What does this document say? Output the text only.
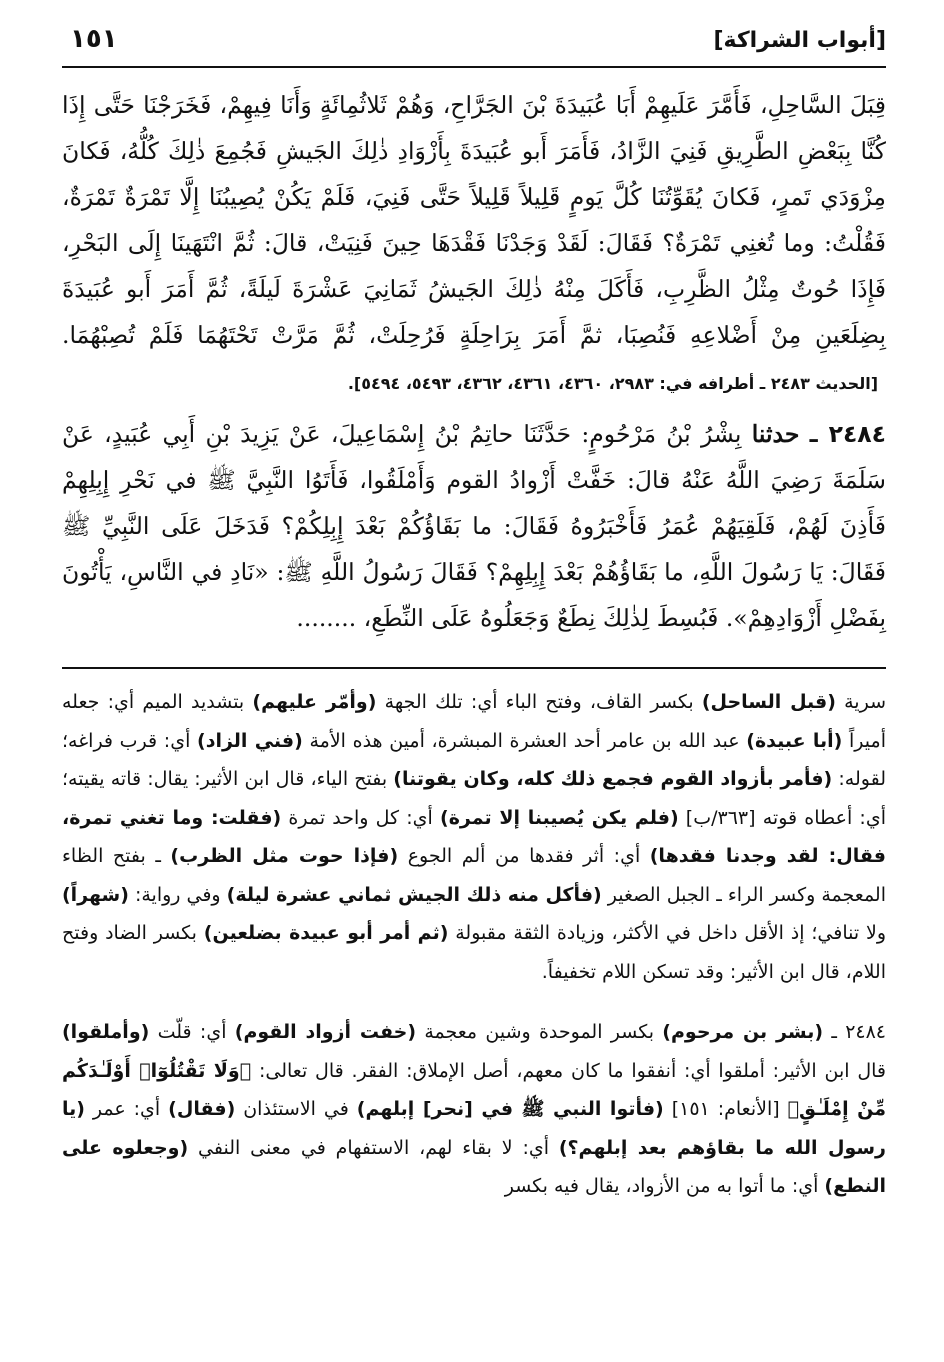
[أبواب الشراكة]
١٥١

قِبَلَ السَّاحِلِ، فَأَمَّرَ عَلَيهِمْ أَبَا عُبَيدَةَ بْنَ الجَرَّاحِ، وَهُمْ ثَلاثُمِائَةٍ وَأَنَا فِيهِمْ، فَخَرَجْنَا حَتَّى إِذَا كُنَّا بِبَعْضِ الطَّرِيقِ فَنِيَ الزَّادُ، فَأَمَرَ أَبو عُبَيدَةَ بِأَزْوَادِ ذٰلِكَ الجَيشِ فَجُمِعَ ذٰلِكَ كُلُّهُ، فَكانَ مِزْوَدَي تَمرٍ، فَكانَ يُقَوِّتُنَا كُلَّ يَومٍ قَلِيلاً قَلِيلاً حَتَّى فَنِيَ، فَلَمْ يَكُنْ يُصِيبُنَا إِلَّا تَمْرَةٌ تَمْرَةٌ، فَقُلْتُ: وما تُغنِي تَمْرَةٌ؟ فَقَالَ: لَقَدْ وَجَدْنَا فَقْدَهَا حِينَ فَنِيَتْ، قالَ: ثُمَّ انْتَهَينَا إِلَى البَحْرِ، فَإِذَا حُوتٌ مِثْلُ الظَّرِبِ، فَأَكَلَ مِنْهُ ذٰلِكَ الجَيشُ ثَمَانِيَ عَشْرَةَ لَيلَةً، ثُمَّ أَمَرَ أَبو عُبَيدَةَ بِضِلَعَينِ مِنْ أَضْلاعِهِ فَنُصِبَا، ثمَّ أَمَرَ بِرَاحِلَةٍ فَرُحِلَتْ، ثُمَّ مَرَّتْ تَحْتَهُمَا فَلَمْ تُصِبْهُمَا. [الحديث ٢٤٨٣ ـ أطرافه في: ٢٩٨٣، ٤٣٦٠، ٤٣٦١، ٤٣٦٢، ٥٤٩٣، ٥٤٩٤].

٢٤٨٤ ـ حدثنا بِشْرُ بْنُ مَرْحُومٍ: حَدَّثَنَا حاتِمُ بْنُ إِسْمَاعِيلَ، عَنْ يَزِيدَ بْنِ أَبِي عُبَيدٍ، عَنْ سَلَمَةَ رَضِيَ اللَّهُ عَنْهُ قالَ: خَفَّتْ أَزْوادُ القوم وَأَمْلَقُوا، فَأَتَوُا النَّبِيَّ ﷺ في نَحْرِ إِبِلِهِمْ فَأَذِنَ لَهُمْ، فَلَقِيَهُمْ عُمَرُ فَأَخْبَرُوهُ فَقَالَ: ما بَقَاؤُكُمْ بَعْدَ إِبِلِكُمْ؟ فَدَخَلَ عَلَى النَّبِيِّ ﷺ فَقَالَ: يَا رَسُولَ اللَّهِ، ما بَقَاؤُهُمْ بَعْدَ إِبِلِهِمْ؟ فَقَالَ رَسُولُ اللَّهِ ﷺ: «نَادِ في النَّاسِ، يَأْتُونَ بِفَضْلِ أَزْوَادِهِمْ». فَبُسِطَ لِذٰلِكَ نِطَعٌ وَجَعَلُوهُ عَلَى النِّطَعِ، ........

سرية (قبل الساحل) بكسر القاف، وفتح الباء أي: تلك الجهة (وأمّر عليهم) بتشديد الميم أي: جعله أميراً (أبا عبيدة) عبد الله بن عامر أحد العشرة المبشرة، أمين هذه الأمة (فني الزاد) أي: قرب فراغه؛ لقوله: (فأمر بأزواد القوم فجمع ذلك كله، وكان يقوتنا) بفتح الياء، قال ابن الأثير: يقال: قاته يقيته؛ أي: أعطاه قوته [٣٦٣/ب] (فلم يكن يُصيبنا إلا تمرة) أي: كل واحد تمرة (فقلت: وما تغني تمرة، فقال: لقد وجدنا فقدها) أي: أثر فقدها من ألم الجوع (فإذا حوت مثل الظرب) ـ بفتح الظاء المعجمة وكسر الراء ـ الجبل الصغير (فأكل منه ذلك الجيش ثماني عشرة ليلة) وفي رواية: (شهراً) ولا تنافي؛ إذ الأقل داخل في الأكثر، وزيادة الثقة مقبولة (ثم أمر أبو عبيدة بضلعين) بكسر الضاد وفتح اللام، قال ابن الأثير: وقد تسكن اللام تخفيفاً.

٢٤٨٤ ـ (بشر بن مرحوم) بكسر الموحدة وشين معجمة (خفت أزواد القوم) أي: قلّت (وأملقوا) قال ابن الأثير: أملقوا أي: أنفقوا ما كان معهم، أصل الإملاق: الفقر. قال تعالى: ﴿وَلَا تَقْتُلُوٓا۟ أَوْلَـٰدَكُم مِّنْ إِمْلَـٰقٍ﴾ [الأنعام: ١٥١] (فأتوا النبي ﷺ في [نحر] إبلهم) في الاستئذان (فقال) أي: عمر (يا رسول الله ما بقاؤهم بعد إبلهم؟) أي: لا بقاء لهم، الاستفهام في معنى النفي (وجعلوه على النطع) أي: ما أتوا به من الأزواد، يقال فيه بكسر
